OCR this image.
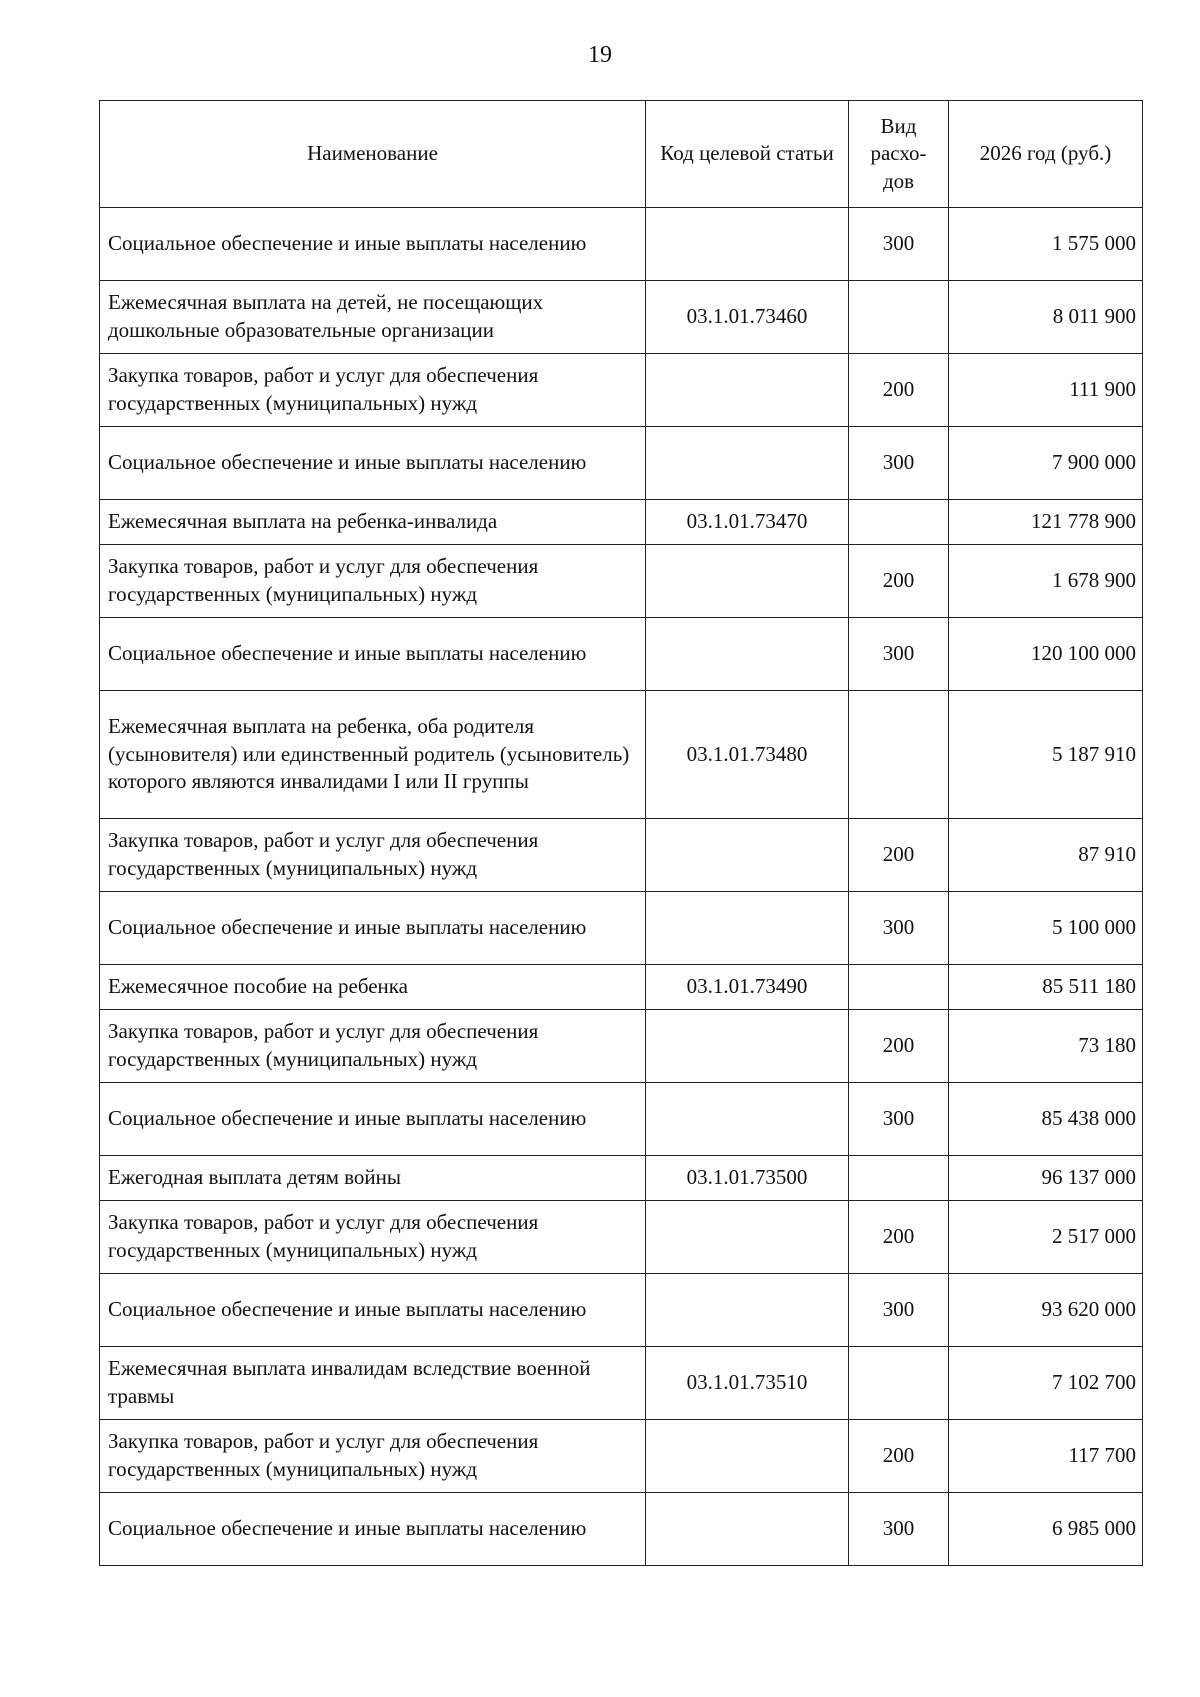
19
Наименование	Код целевой статьи	Вид расхо-дов	2026 год (руб.)
Социальное обеспечение и иные выплаты населению		300	1 575 000
Ежемесячная выплата на детей, не посещающих дошкольные образовательные организации	03.1.01.73460		8 011 900
Закупка товаров, работ и услуг для обеспечения государственных (муниципальных) нужд		200	111 900
Социальное обеспечение и иные выплаты населению		300	7 900 000
Ежемесячная выплата на ребенка-инвалида	03.1.01.73470		121 778 900
Закупка товаров, работ и услуг для обеспечения государственных (муниципальных) нужд		200	1 678 900
Социальное обеспечение и иные выплаты населению		300	120 100 000
Ежемесячная выплата на ребенка, оба родителя (усыновителя) или единственный родитель (усыновитель) которого являются инвалидами I или II группы	03.1.01.73480		5 187 910
Закупка товаров, работ и услуг для обеспечения государственных (муниципальных) нужд		200	87 910
Социальное обеспечение и иные выплаты населению		300	5 100 000
Ежемесячное пособие на ребенка	03.1.01.73490		85 511 180
Закупка товаров, работ и услуг для обеспечения государственных (муниципальных) нужд		200	73 180
Социальное обеспечение и иные выплаты населению		300	85 438 000
Ежегодная выплата детям войны	03.1.01.73500		96 137 000
Закупка товаров, работ и услуг для обеспечения государственных (муниципальных) нужд		200	2 517 000
Социальное обеспечение и иные выплаты населению		300	93 620 000
Ежемесячная выплата инвалидам вследствие военной травмы	03.1.01.73510		7 102 700
Закупка товаров, работ и услуг для обеспечения государственных (муниципальных) нужд		200	117 700
Социальное обеспечение и иные выплаты населению		300	6 985 000
